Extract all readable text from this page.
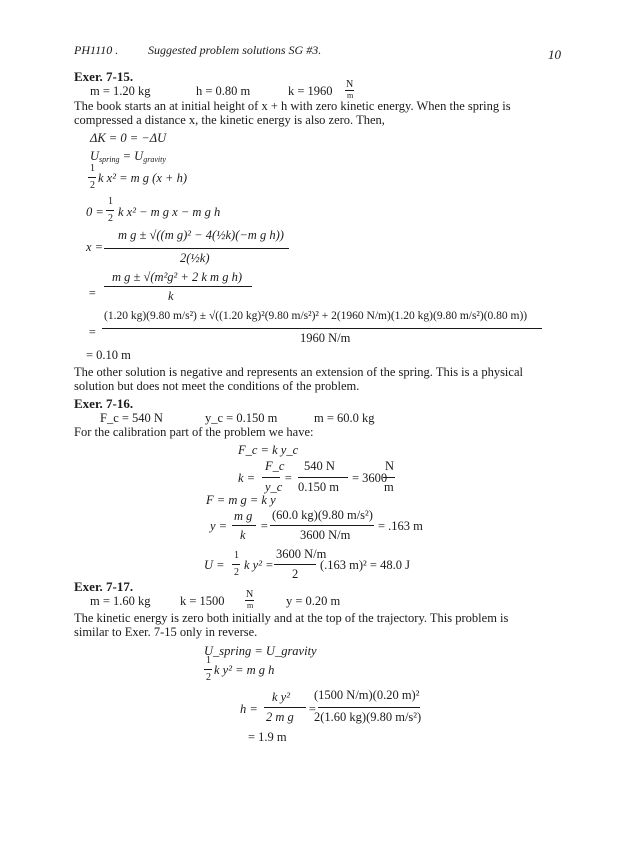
PH1110 . Suggested problem solutions SG #3.	10
Exer. 7-15.
m = 1.20 kg	h = 0.80 m	k = 1960 N
m
The book starts an at initial height of x + h with zero kinetic energy. When the spring is
compressed a distance x, the kinetic energy is also zero. Then,
ΔK = 0 = −ΔU
$U_{spring} = U_{gravity}$
1
2
k x² = m g (x + h)
0 =
1
2 k x² − m g x − m g h
x =
m g ± √((m g)² − 4(½k)(−m g h))
2(½k)
=
m g ± √(m²g² + 2 k m g h)
k
=
(1.20 kg)(9.80 m/s²) ± √((1.20 kg)²(9.80 m/s²)² + 2(1960 N/m)(1.20 kg)(9.80 m/s²)(0.80 m))
1960 N/m
= 0.10 m
The other solution is negative and represents an extension of the spring. This is a physical
solution but does not meet the conditions of the problem.
Exer. 7-16.
F_c = 540 N	y_c = 0.150 m	m = 60.0 kg
For the calibration part of the problem we have:
F_c = k y_c
k =
F_c
y_c
=
540 N
0.150 m
= 3600
N
m
F = m g = k y
y =
m g
k
=
(60.0 kg)(9.80 m/s²)
3600 N/m
= .163 m
U =
1
2
k y² =
3600 N/m
2
(.163 m)² = 48.0 J
Exer. 7-17.
m = 1.60 kg k = 1500 N
m	y = 0.20 m
The kinetic energy is zero both initially and at the top of the trajectory. This problem is
similar to Exer. 7-15 only in reverse.
U_spring = U_gravity
1
2
k y² = m g h
h =
k y²
2 m g
=
(1500 N/m)(0.20 m)²
2(1.60 kg)(9.80 m/s²)
= 1.9 m
